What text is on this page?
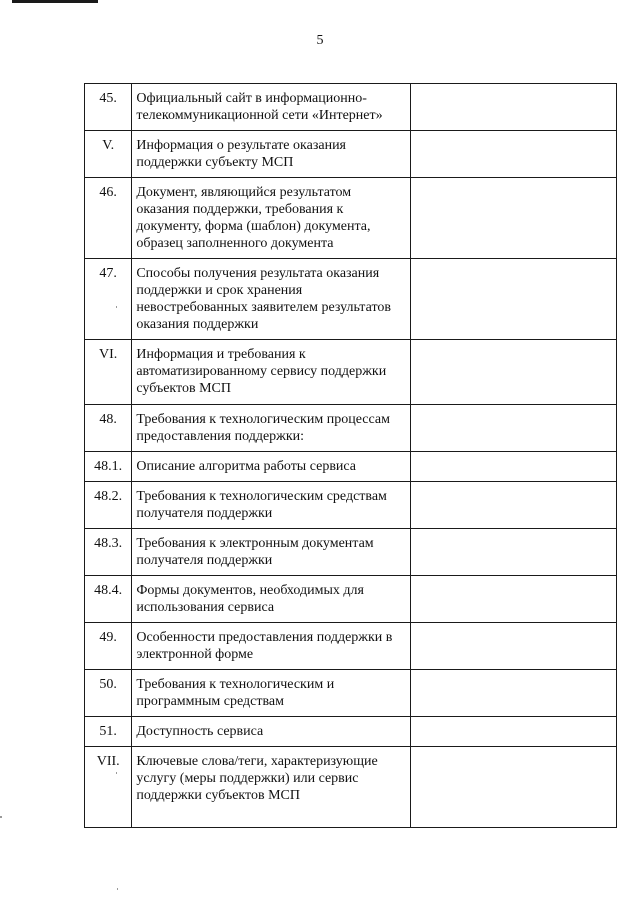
5
45.	Официальный сайт в информационно-телекоммуникационной сети «Интернет»	
V.	Информация о результате оказания поддержки субъекту МСП	
46.	Документ, являющийся результатом оказания поддержки, требования к документу, форма (шаблон) документа, образец заполненного документа	
47.	Способы получения результата оказания поддержки и срок хранения невостребованных заявителем результатов оказания поддержки	
VI.	Информация и требования к автоматизированному сервису поддержки субъектов МСП	
48.	Требования к технологическим процессам предоставления поддержки:	
48.1.	Описание алгоритма работы сервиса	
48.2.	Требования к технологическим средствам получателя поддержки	
48.3.	Требования к электронным документам получателя поддержки	
48.4.	Формы документов, необходимых для использования сервиса	
49.	Особенности предоставления поддержки в электронной форме	
50.	Требования к технологическим и программным средствам	
51.	Доступность сервиса	
VII.	Ключевые слова/теги, характеризующие услугу (меры поддержки) или сервис поддержки субъектов МСП	
